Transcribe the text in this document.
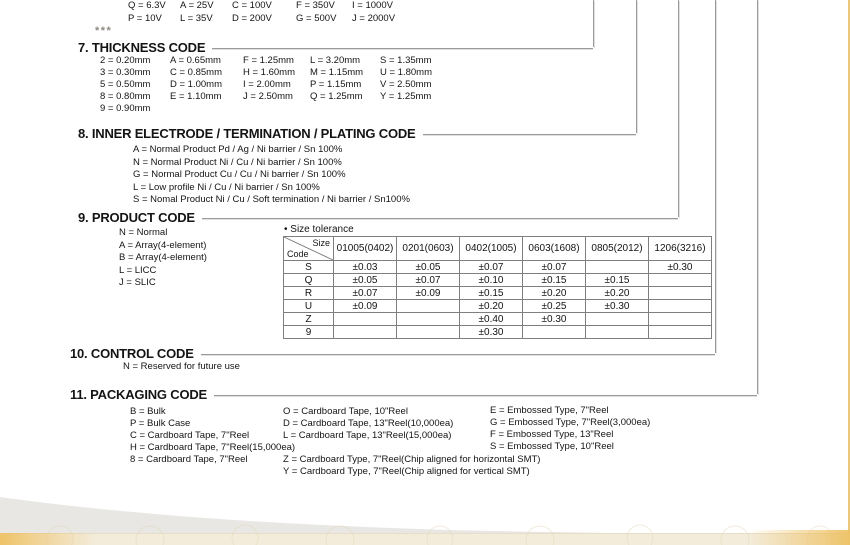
Q = 6.3V A = 25V C = 100V	F = 350V I = 1000V
P = 10V L = 35V D = 200V	G = 500V J = 2000V
***
7. THICKNESS CODE
2 = 0.20mm A = 0.65mm F = 1.25mm L = 3.20mm S = 1.35mm
3 = 0.30mm C = 0.85mm H = 1.60mm M = 1.15mm U = 1.80mm
5 = 0.50mm D = 1.00mm I = 2.00mm P = 1.15mm V = 2.50mm
8 = 0.80mm E = 1.10mm J = 2.50mm Q = 1.25mm Y = 1.25mm
9 = 0.90mm
8. INNER ELECTRODE / TERMINATION / PLATING CODE
A = Normal Product Pd / Ag / Ni barrier / Sn 100%
N = Normal Product Ni / Cu / Ni barrier / Sn 100%
G = Normal Product Cu / Cu / Ni barrier / Sn 100%
L = Low profile Ni / Cu / Ni barrier / Sn 100%
S = Nomal Product Ni / Cu / Soft termination / Ni barrier / Sn100%
9. PRODUCT CODE
N = Normal
A = Array(4-element)
B = Array(4-element)
L = LICC
J = SLIC
• Size tolerance
Size
Code	01005(0402)	0201(0603)	0402(1005)	0603(1608)	0805(2012)	1206(3216)
S	±0.03	±0.05	±0.07	±0.07		±0.30
Q	±0.05	±0.07	±0.10	±0.15	±0.15	
R	±0.07	±0.09	±0.15	±0.20	±0.20	
U	±0.09		±0.20	±0.25	±0.30	
Z			±0.40	±0.30		
9			±0.30			
10. CONTROL CODE
N = Reserved for future use
11. PACKAGING CODE
B = Bulk
P = Bulk Case
C = Cardboard Tape, 7"Reel
H = Cardboard Tape, 7"Reel(15,000ea)
8 = Cardboard Tape, 7"Reel
O = Cardboard Tape, 10"Reel
D = Cardboard Tape, 13"Reel(10,000ea)
L = Cardboard Tape, 13"Reel(15,000ea)
E = Embossed Type, 7"Reel
G = Embossed Type, 7"Reel(3,000ea)
F = Embossed Type, 13"Reel
S = Embossed Type, 10"Reel
Z = Cardboard Type, 7"Reel(Chip aligned for horizontal SMT)
Y = Cardboard Type, 7"Reel(Chip aligned for vertical SMT)
